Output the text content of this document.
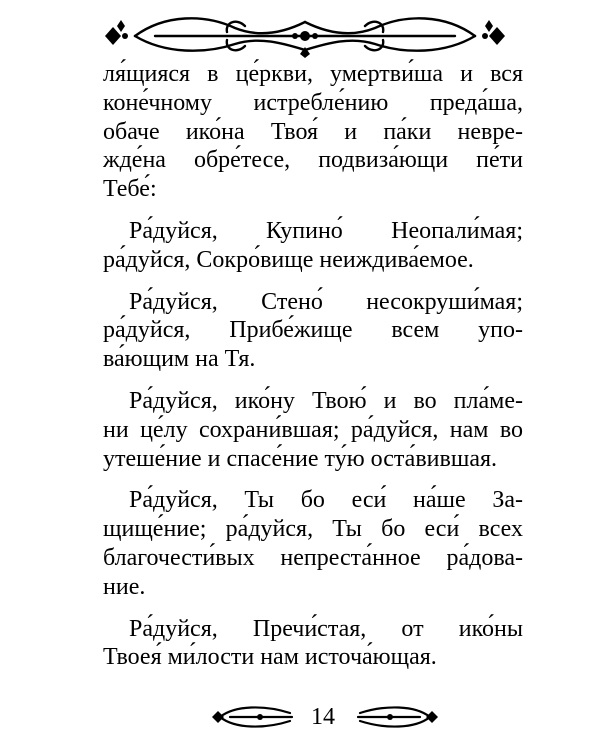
ля́щияся в це́ркви, умертви́ша и вся
коне́чному истребле́нию преда́ша,
обаче ико́на Твоя́ и па́ки невре-
жде́на обре́тесе, подвиза́ющи пе́ти
Тебе́:
Ра́дуйся, Купино́ Неопали́мая;
ра́дуйся, Сокро́вище неиждива́емое.
Ра́дуйся, Стено́ несокруши́мая;
ра́дуйся, Прибе́жище всем упо-
ва́ющим на Тя.
Ра́дуйся, ико́ну Твою́ и во пла́ме-
ни це́лу сохрани́вшая; ра́дуйся, нам во
утеше́ние и спасе́ние ту́ю оста́вившая.
Ра́дуйся, Ты бо еси́ на́ше За-
щище́ние; ра́дуйся, Ты бо еси́ всех
благочести́вых непреста́нное ра́дова-
ние.
Ра́дуйся, Пречи́стая, от ико́ны
Твоея́ ми́лости нам источа́ющая.
14
